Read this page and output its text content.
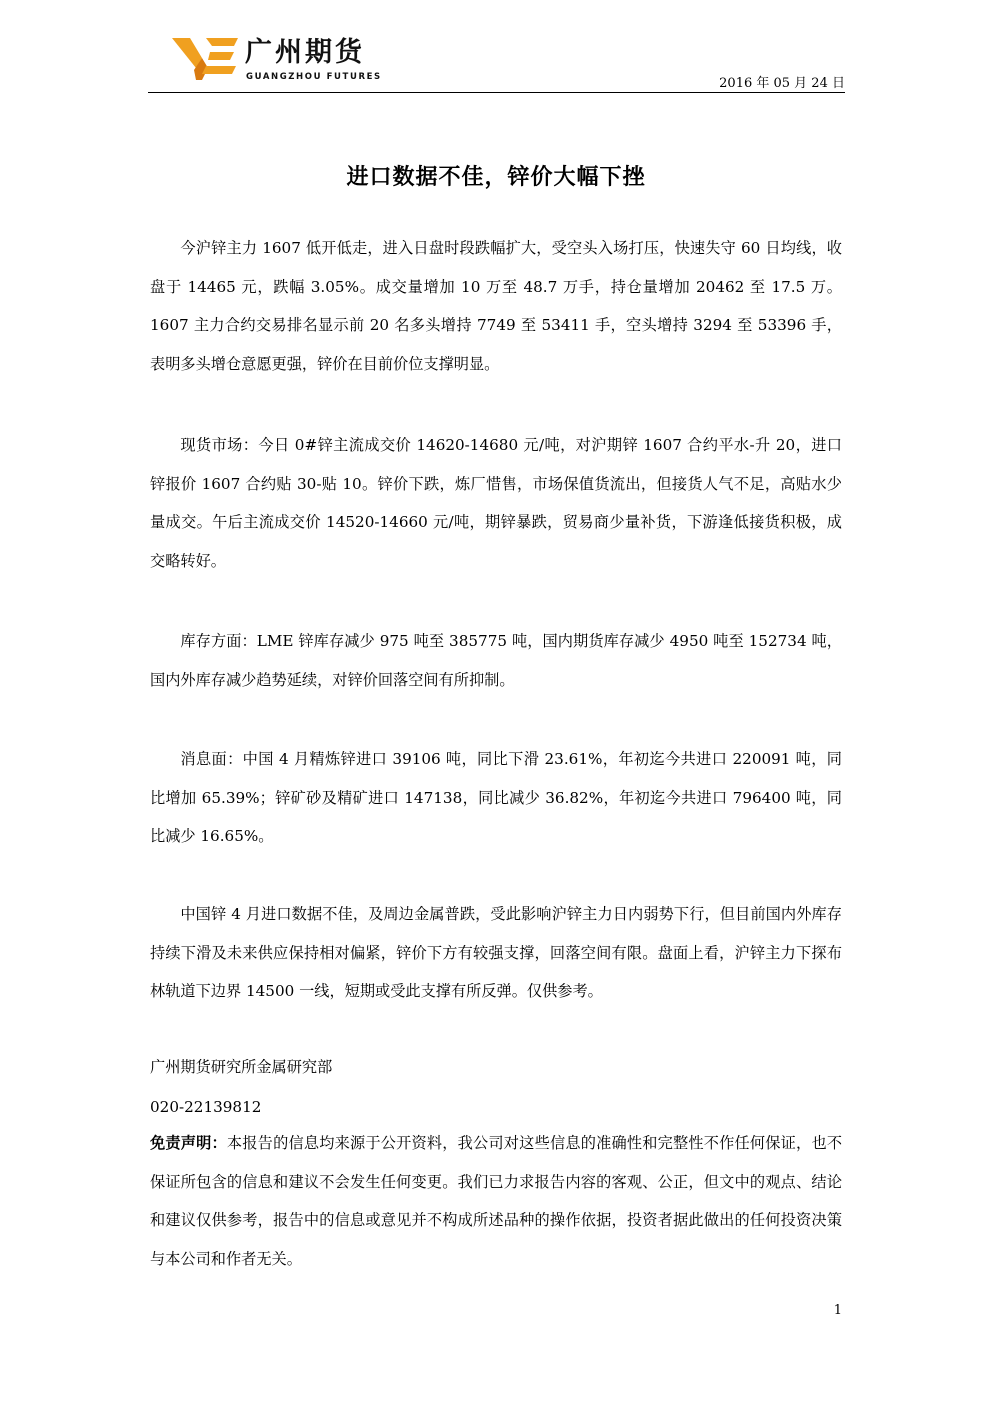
广州期货
GUANGZHOU FUTURES	2016 年 05 月 24 日
进口数据不佳，锌价大幅下挫

今沪锌主力 1607 低开低走，进入日盘时段跌幅扩大，受空头入场打压，快速失守 60 日均线，收盘于 14465 元，跌幅 3.05%。成交量增加 10 万至 48.7 万手，持仓量增加 20462 至 17.5 万。1607 主力合约交易排名显示前 20 名多头增持 7749 至 53411 手，空头增持 3294 至 53396 手，表明多头增仓意愿更强，锌价在目前价位支撑明显。

现货市场：今日 0#锌主流成交价 14620-14680 元/吨，对沪期锌 1607 合约平水-升 20，进口锌报价 1607 合约贴 30-贴 10。锌价下跌，炼厂惜售，市场保值货流出，但接货人气不足，高贴水少量成交。午后主流成交价 14520-14660 元/吨，期锌暴跌，贸易商少量补货，下游逢低接货积极，成交略转好。

库存方面：LME 锌库存减少 975 吨至 385775 吨，国内期货库存减少 4950 吨至 152734 吨，国内外库存减少趋势延续，对锌价回落空间有所抑制。

消息面：中国 4 月精炼锌进口 39106 吨，同比下滑 23.61%，年初迄今共进口 220091 吨，同比增加 65.39%；锌矿砂及精矿进口 147138，同比减少 36.82%，年初迄今共进口 796400 吨，同比减少 16.65%。

中国锌 4 月进口数据不佳，及周边金属普跌，受此影响沪锌主力日内弱势下行，但目前国内外库存持续下滑及未来供应保持相对偏紧，锌价下方有较强支撑，回落空间有限。盘面上看，沪锌主力下探布林轨道下边界 14500 一线，短期或受此支撑有所反弹。仅供参考。

广州期货研究所金属研究部
020-22139812

免责声明：本报告的信息均来源于公开资料，我公司对这些信息的准确性和完整性不作任何保证，也不保证所包含的信息和建议不会发生任何变更。我们已力求报告内容的客观、公正，但文中的观点、结论和建议仅供参考，报告中的信息或意见并不构成所述品种的操作依据，投资者据此做出的任何投资决策与本公司和作者无关。

1
